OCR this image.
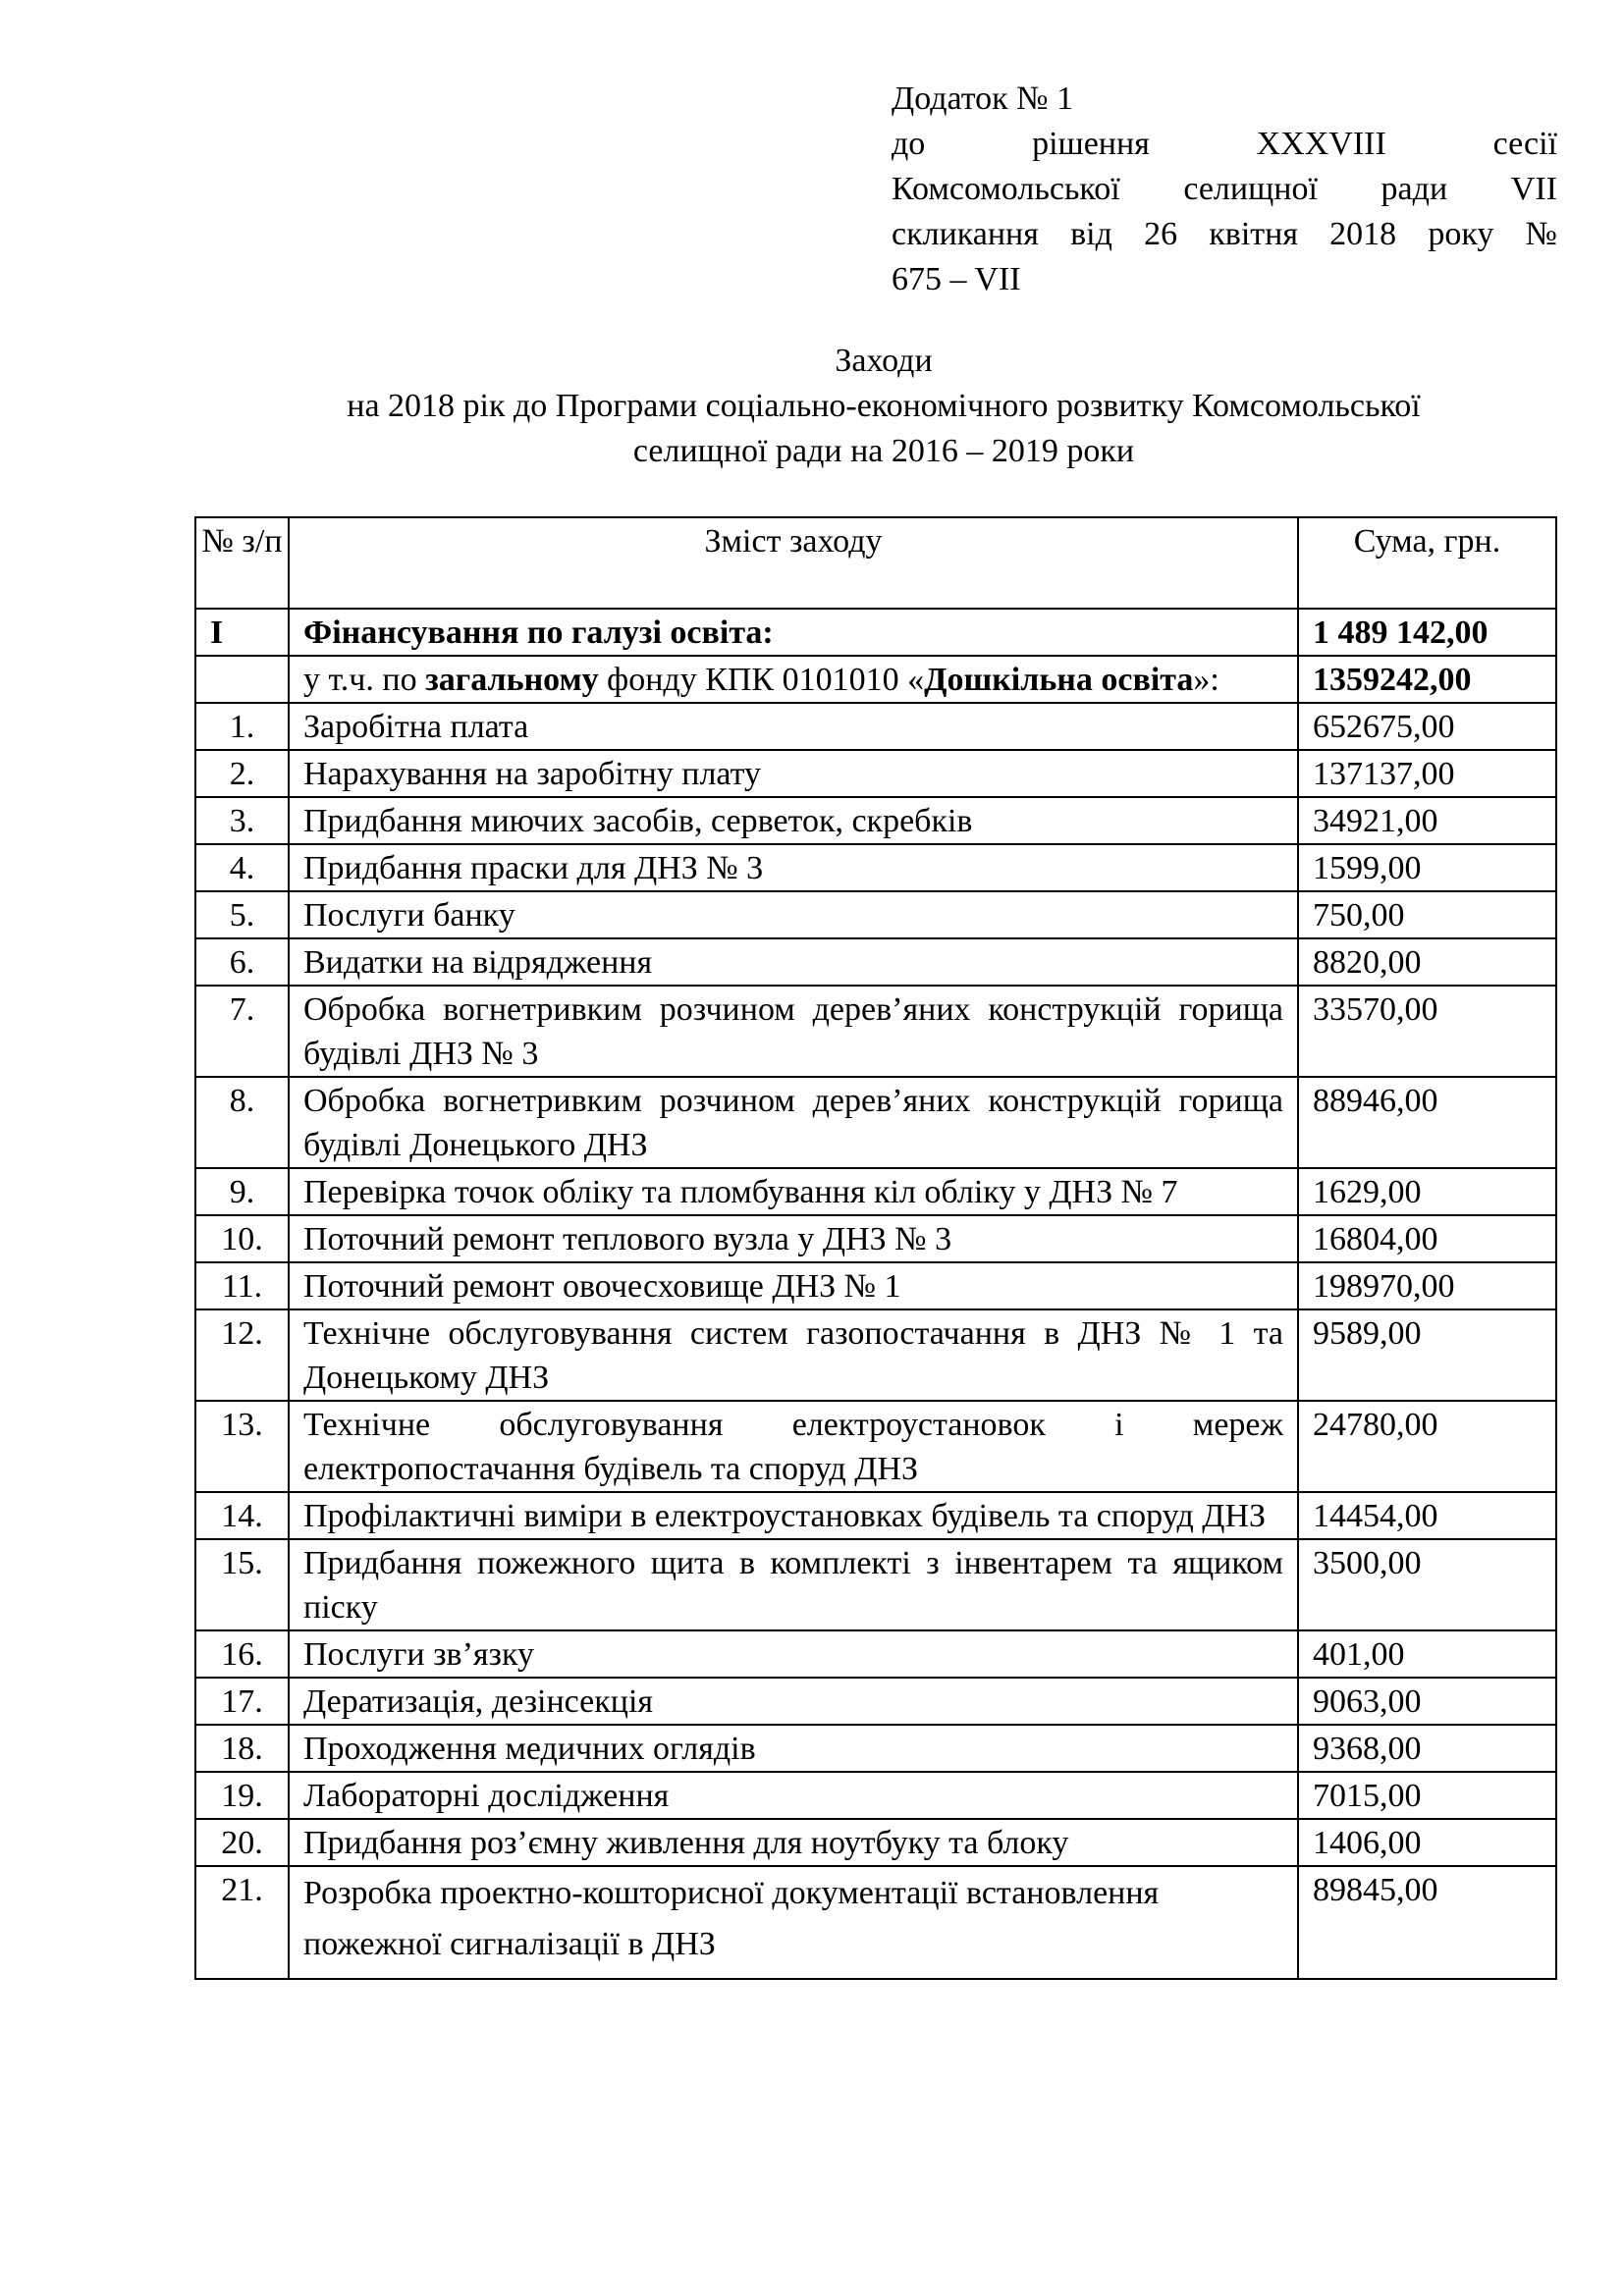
Додаток № 1
до рішення XXXVIII сесії
Комсомольської селищної ради VII
скликання від 26 квітня 2018 року №
675 – VII
Заходи
на 2018 рік до Програми соціально-економічного розвитку Комсомольської
селищної ради на 2016 – 2019 роки
№ з/п	Зміст заходу	Сума, грн.
I	Фінансування по галузі освіта:	1 489 142,00
	у т.ч. по загальному фонду КПК 0101010 «Дошкільна освіта»:	1359242,00
1.	Заробітна плата	652675,00
2.	Нарахування на заробітну плату	137137,00
3.	Придбання миючих засобів, серветок, скребків	34921,00
4.	Придбання праски для ДНЗ № 3	1599,00
5.	Послуги банку	750,00
6.	Видатки на відрядження	8820,00
7.	Обробка вогнетривким розчином дерев’яних конструкцій горища будівлі ДНЗ № 3	33570,00
8.	Обробка вогнетривким розчином дерев’яних конструкцій горища будівлі Донецького ДНЗ	88946,00
9.	Перевірка точок обліку та пломбування кіл обліку у ДНЗ № 7	1629,00
10.	Поточний ремонт теплового вузла у ДНЗ № 3	16804,00
11.	Поточний ремонт овочесховище ДНЗ № 1	198970,00
12.	Технічне обслуговування систем газопостачання в ДНЗ № 1 та Донецькому ДНЗ	9589,00
13.	Технічне обслуговування електроустановок і мереж електропостачання будівель та споруд ДНЗ	24780,00
14.	Профілактичні виміри в електроустановках будівель та споруд ДНЗ	14454,00
15.	Придбання пожежного щита в комплекті з інвентарем та ящиком піску	3500,00
16.	Послуги зв’язку	401,00
17.	Дератизація, дезінсекція	9063,00
18.	Проходження медичних оглядів	9368,00
19.	Лабораторні дослідження	7015,00
20.	Придбання роз’ємну живлення для ноутбуку та блоку	1406,00
21.	Розробка проектно-кошторисної документації встановлення пожежної сигналізації в ДНЗ	89845,00
